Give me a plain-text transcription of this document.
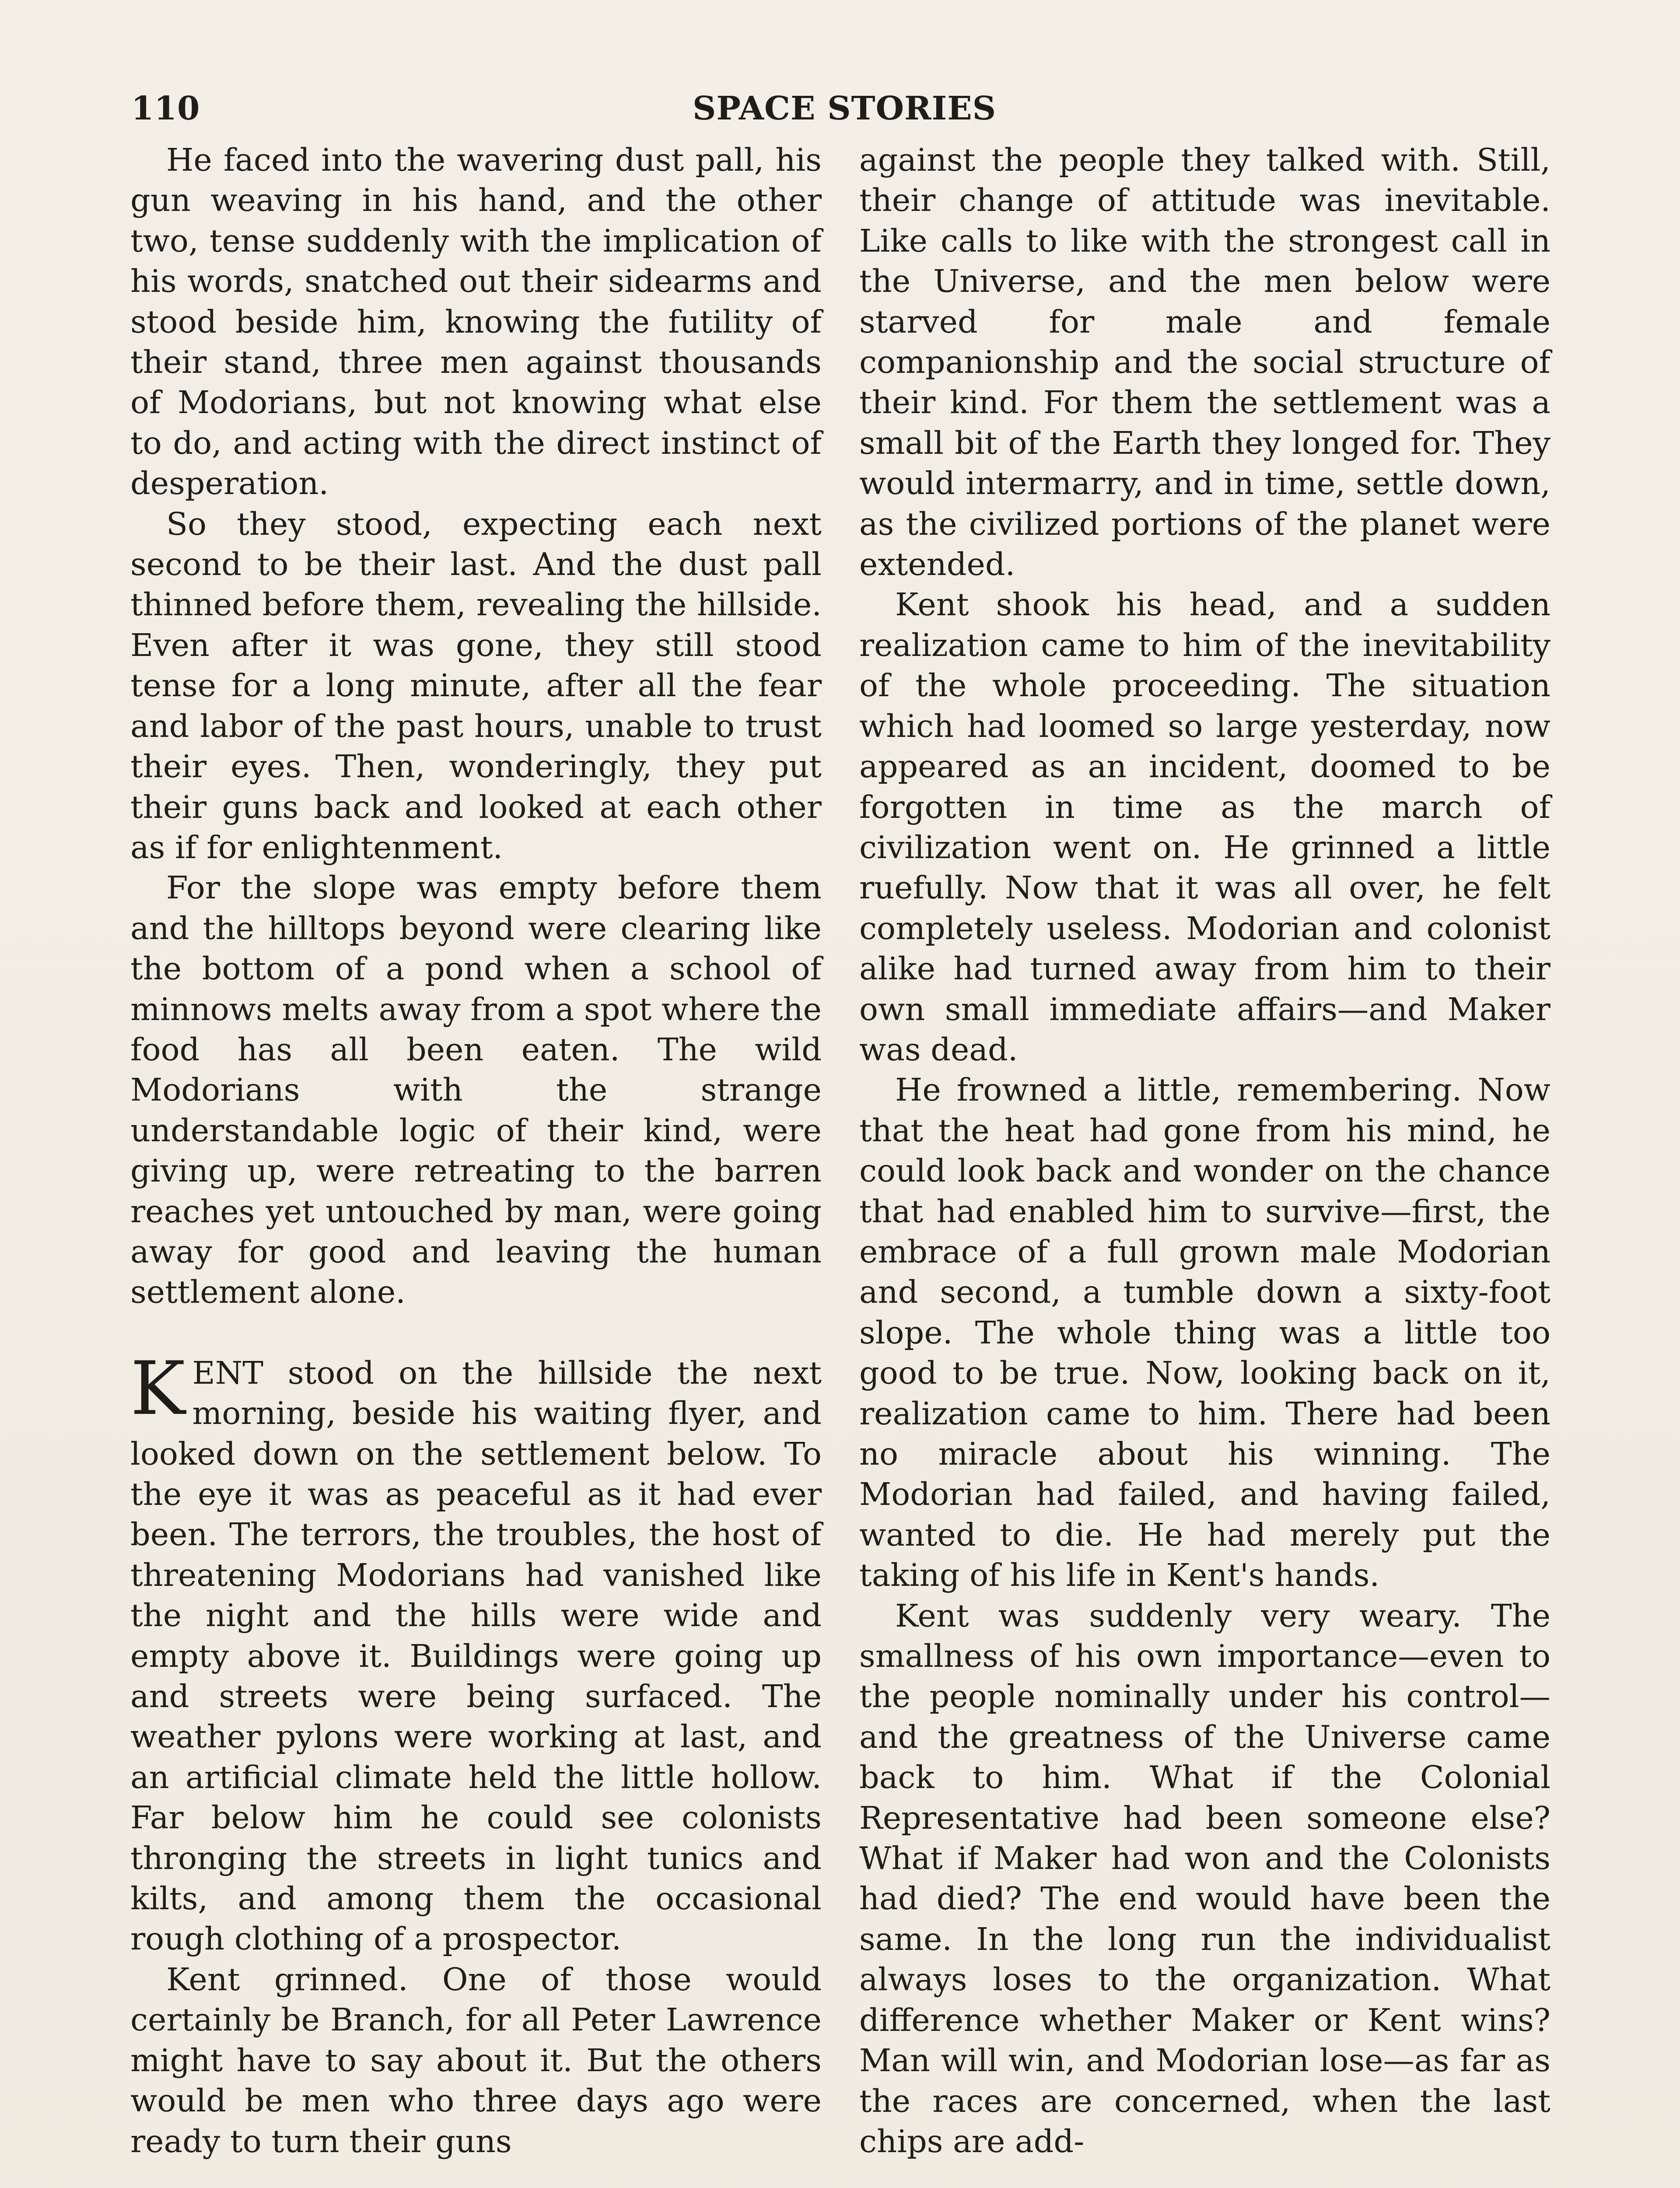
110	SPACE STORIES

He faced into the wavering dust pall, his gun weaving in his hand, and the other two, tense suddenly with the implication of his words, snatched out their sidearms and stood beside him, knowing the futility of their stand, three men against thousands of Modorians, but not knowing what else to do, and acting with the direct instinct of desperation.

So they stood, expecting each next second to be their last. And the dust pall thinned before them, revealing the hillside. Even after it was gone, they still stood tense for a long minute, after all the fear and labor of the past hours, unable to trust their eyes. Then, wonderingly, they put their guns back and looked at each other as if for enlightenment.

For the slope was empty before them and the hilltops beyond were clearing like the bottom of a pond when a school of minnows melts away from a spot where the food has all been eaten. The wild Modorians with the strange understandable logic of their kind, were giving up, were retreating to the barren reaches yet untouched by man, were going away for good and leaving the human settlement alone.

KENT stood on the hillside the next morning, beside his waiting flyer, and looked down on the settlement below. To the eye it was as peaceful as it had ever been. The terrors, the troubles, the host of threatening Modorians had vanished like the night and the hills were wide and empty above it. Buildings were going up and streets were being surfaced. The weather pylons were working at last, and an artificial climate held the little hollow. Far below him he could see colonists thronging the streets in light tunics and kilts, and among them the occasional rough clothing of a prospector.

Kent grinned. One of those would certainly be Branch, for all Peter Lawrence might have to say about it. But the others would be men who three days ago were ready to turn their guns

against the people they talked with. Still, their change of attitude was inevitable. Like calls to like with the strongest call in the Universe, and the men below were starved for male and female companionship and the social structure of their kind. For them the settlement was a small bit of the Earth they longed for. They would intermarry, and in time, settle down, as the civilized portions of the planet were extended.

Kent shook his head, and a sudden realization came to him of the inevitability of the whole proceeding. The situation which had loomed so large yesterday, now appeared as an incident, doomed to be forgotten in time as the march of civilization went on. He grinned a little ruefully. Now that it was all over, he felt completely useless. Modorian and colonist alike had turned away from him to their own small immediate affairs—and Maker was dead.

He frowned a little, remembering. Now that the heat had gone from his mind, he could look back and wonder on the chance that had enabled him to survive—first, the embrace of a full grown male Modorian and second, a tumble down a sixty-foot slope. The whole thing was a little too good to be true. Now, looking back on it, realization came to him. There had been no miracle about his winning. The Modorian had failed, and having failed, wanted to die. He had merely put the taking of his life in Kent's hands.

Kent was suddenly very weary. The smallness of his own importance—even to the people nominally under his control—and the greatness of the Universe came back to him. What if the Colonial Representative had been someone else? What if Maker had won and the Colonists had died? The end would have been the same. In the long run the individualist always loses to the organization. What difference whether Maker or Kent wins? Man will win, and Modorian lose—as far as the races are concerned, when the last chips are add-
